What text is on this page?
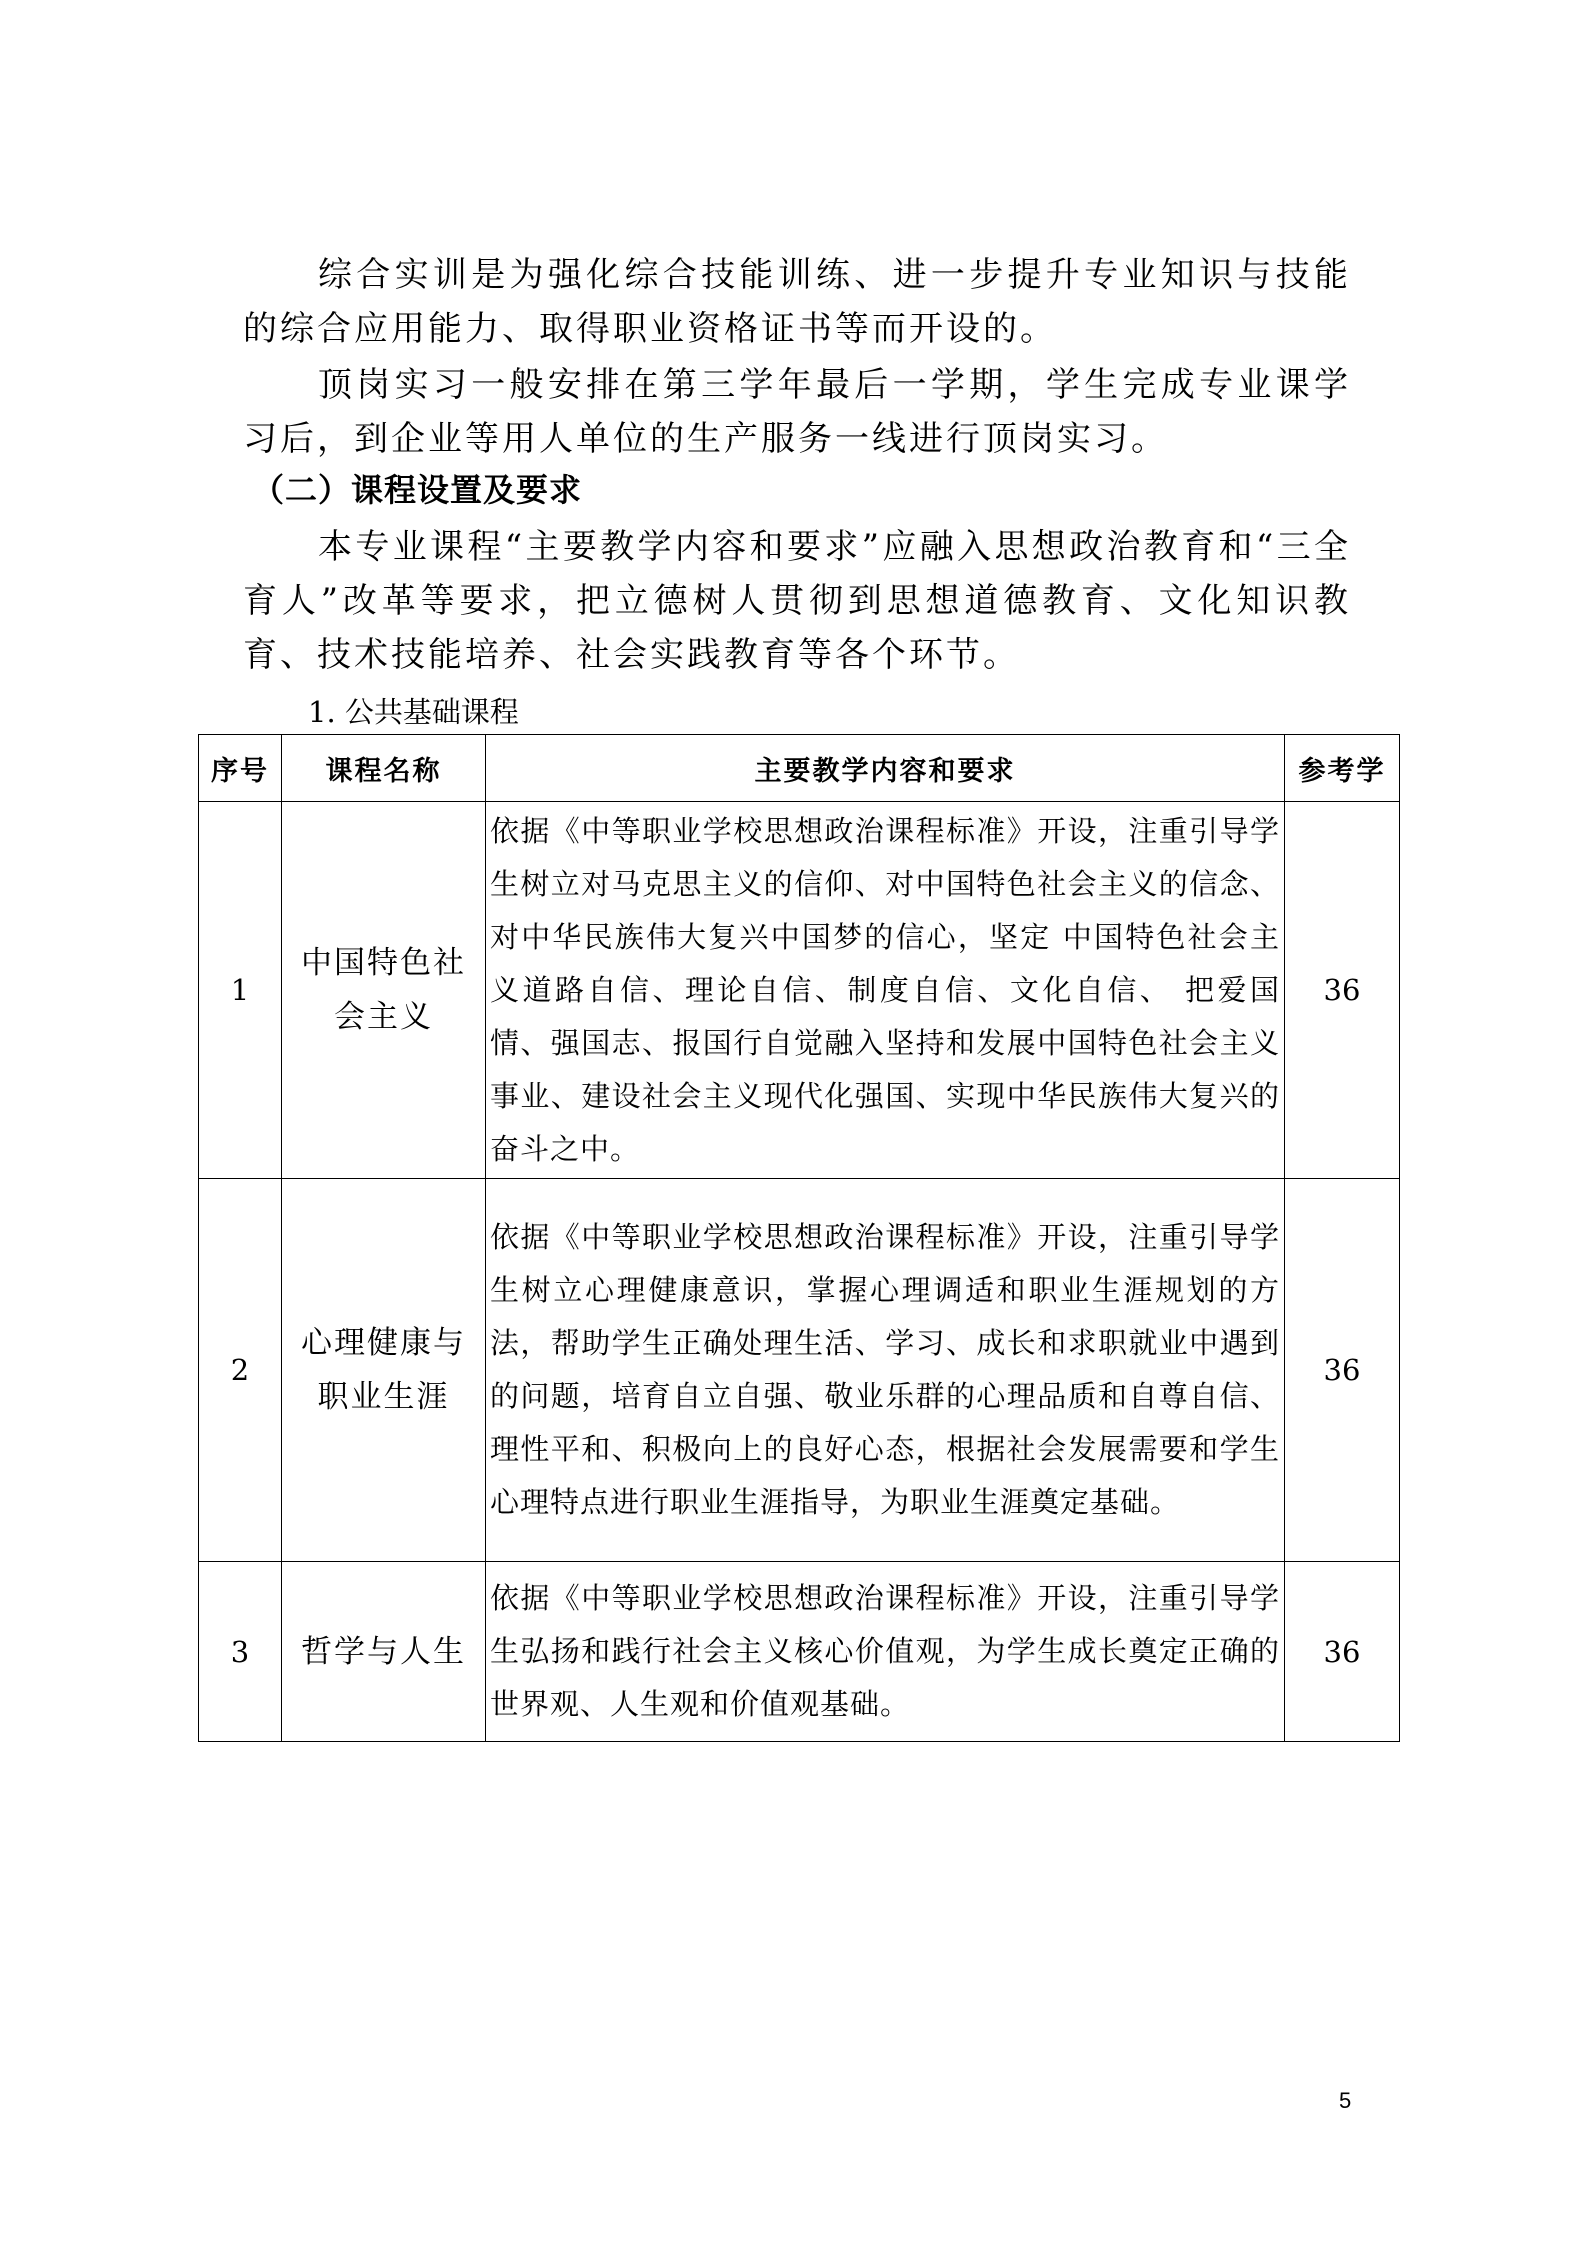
综合实训是为强化综合技能训练、进一步提升专业知识与技能的综合应用能力、取得职业资格证书等而开设的。

顶岗实习一般安排在第三学年最后一学期，学生完成专业课学习后，到企业等用人单位的生产服务一线进行顶岗实习。

（二）课程设置及要求

本专业课程“主要教学内容和要求”应融入思想政治教育和“三全育人”改革等要求，把立德树人贯彻到思想道德教育、文化知识教育、技术技能培养、社会实践教育等各个环节。

1. 公共基础课程

序号	课程名称	主要教学内容和要求	参考学
1	中国特色社会主义	依据《中等职业学校思想政治课程标准》开设，注重引导学生树立对马克思主义的信仰、对中国特色社会主义的信念、对中华民族伟大复兴中国梦的信心，坚定 中国特色社会主义道路自信、理论自信、制度自信、文化自信、 把爱国情、强国志、报国行自觉融入坚持和发展中国特色社会主义事业、建设社会主义现代化强国、实现中华民族伟大复兴的奋斗之中。	36
2	心理健康与职业生涯	依据《中等职业学校思想政治课程标准》开设，注重引导学生树立心理健康意识，掌握心理调适和职业生涯规划的方法，帮助学生正确处理生活、学习、成长和求职就业中遇到的问题，培育自立自强、敬业乐群的心理品质和自尊自信、理性平和、积极向上的良好心态，根据社会发展需要和学生心理特点进行职业生涯指导，为职业生涯奠定基础。	36
3	哲学与人生	依据《中等职业学校思想政治课程标准》开设，注重引导学生弘扬和践行社会主义核心价值观，为学生成长奠定正确的世界观、人生观和价值观基础。	36

5
